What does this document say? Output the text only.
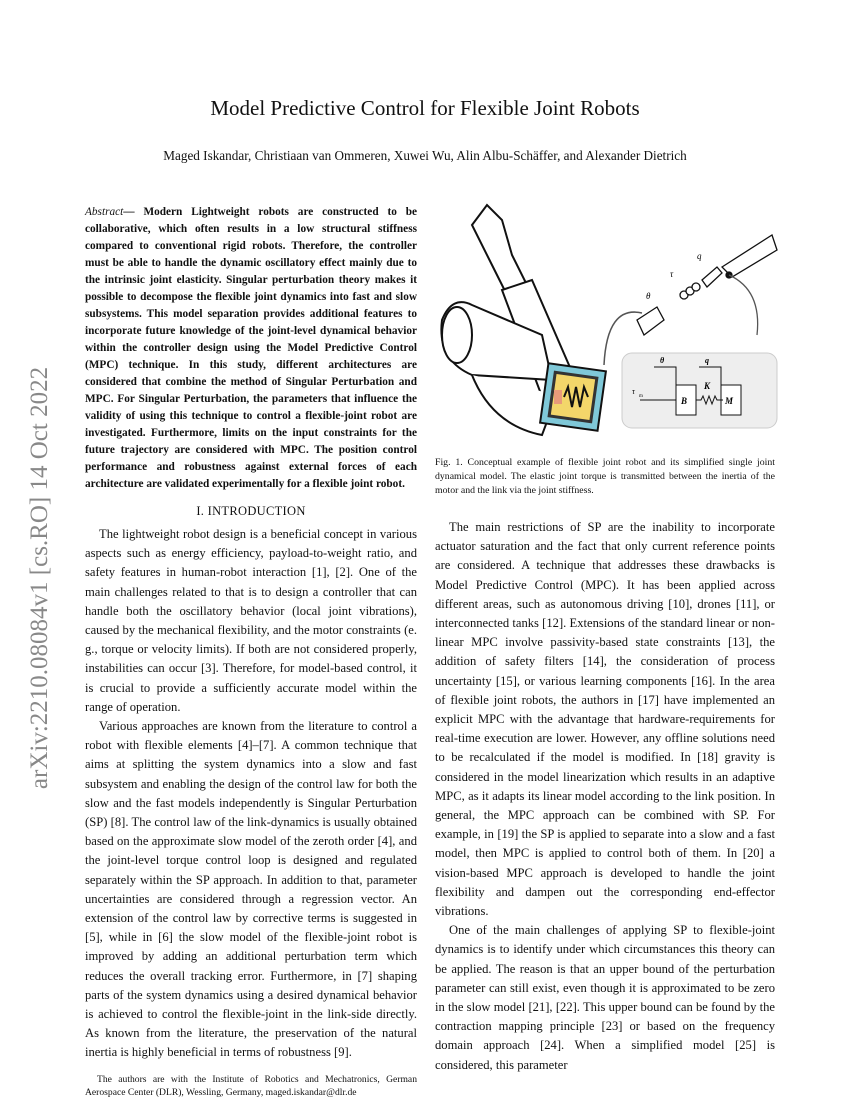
arXiv:2210.08084v1 [cs.RO] 14 Oct 2022
Model Predictive Control for Flexible Joint Robots
Maged Iskandar, Christiaan van Ommeren, Xuwei Wu, Alin Albu-Schäffer, and Alexander Dietrich
Abstract— Modern Lightweight robots are constructed to be collaborative, which often results in a low structural stiffness compared to conventional rigid robots. Therefore, the controller must be able to handle the dynamic oscillatory effect mainly due to the intrinsic joint elasticity. Singular perturbation theory makes it possible to decompose the flexible joint dynamics into fast and slow subsystems. This model separation provides additional features to incorporate future knowledge of the joint-level dynamical behavior within the controller design using the Model Predictive Control (MPC) technique. In this study, different architectures are considered that combine the method of Singular Perturbation and MPC. For Singular Perturbation, the parameters that influence the validity of using this technique to control a flexible-joint robot are investigated. Furthermore, limits on the input constraints for the future trajectory are considered with MPC. The position control performance and robustness against external forces of each architecture are validated experimentally for a flexible joint robot.
I. INTRODUCTION

The lightweight robot design is a beneficial concept in various aspects such as energy efficiency, payload-to-weight ratio, and safety features in human-robot interaction [1], [2]. One of the main challenges related to that is to design a controller that can handle both the oscillatory behavior (local joint vibrations), caused by the mechanical flexibility, and the motor constraints (e. g., torque or velocity limits). If both are not considered properly, instabilities can occur [3]. Therefore, for model-based control, it is crucial to provide a sufficiently accurate model within the range of operation.

Various approaches are known from the literature to control a robot with flexible elements [4]–[7]. A common technique that aims at splitting the system dynamics into a slow and fast subsystem and enabling the design of the control law for both the slow and the fast models independently is Singular Perturbation (SP) [8]. The control law of the link-dynamics is usually obtained based on the approximate slow model of the zeroth order [4], and the joint-level torque control loop is designed and regulated separately within the SP approach. In addition to that, parameter uncertainties are considered through a regression vector. An extension of the control law by corrective terms is suggested in [5], while in [6] the slow model of the flexible-joint robot is improved by adding an additional perturbation term which reduces the overall tracking error. Furthermore, in [7] shaping parts of the system dynamics using a desired dynamical behavior is achieved to control the flexible-joint in the link-side directly. As known from the literature, the preservation of the natural inertia is highly beneficial in terms of robustness [9].

The authors are with the Institute of Robotics and Mechatronics, German Aerospace Center (DLR), Wessling, Germany, maged.iskandar@dlr.de
θ
τ
q
θ	q
τ
m
K
B	M
Fig. 1. Conceptual example of flexible joint robot and its simplified single joint dynamical model. The elastic joint torque is transmitted between the inertia of the motor and the link via the joint stiffness.

The main restrictions of SP are the inability to incorporate actuator saturation and the fact that only current reference points are considered. A technique that addresses these drawbacks is Model Predictive Control (MPC). It has been applied across different areas, such as autonomous driving [10], drones [11], or interconnected tanks [12]. Extensions of the standard linear or non-linear MPC involve passivity-based state constraints [13], the addition of safety filters [14], the consideration of process uncertainty [15], or various learning components [16]. In the area of flexible joint robots, the authors in [17] have implemented an explicit MPC with the advantage that hardware-requirements for real-time execution are lower. However, any offline solutions need to be recalculated if the model is modified. In [18] gravity is considered in the model linearization which results in an adaptive MPC, as it adapts its linear model according to the link position. In general, the MPC approach can be combined with SP. For example, in [19] the SP is applied to separate into a slow and a fast model, then MPC is applied to control both of them. In [20] a vision-based MPC approach is developed to handle the joint flexibility and dampen out the corresponding end-effector vibrations.

One of the main challenges of applying SP to flexible-joint dynamics is to identify under which circumstances this theory can be applied. The reason is that an upper bound of the perturbation parameter can still exist, even though it is approximated to be zero in the slow model [21], [22]. This upper bound can be found by the contraction mapping principle [23] or based on the frequency domain approach [24]. When a simplified model [25] is considered, this parameter
